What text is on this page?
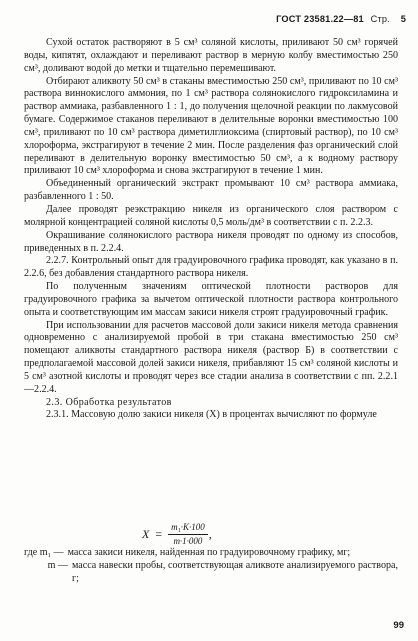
ГОСТ 23581.22—81 Стр. 5

Сухой остаток растворяют в 5 см³ соляной кислоты, приливают 50 см³ горячей воды, кипятят, охлаждают и переливают раствор в мерную колбу вместимостью 250 см³, доливают водой до метки и тщательно перемешивают.

Отбирают аликвоту 50 см³ в стаканы вместимостью 250 см³, приливают по 10 см³ раствора виннокислого аммония, по 1 см³ раствора солянокислого гидроксиламина и раствор аммиака, разбавленного 1 : 1, до получения щелочной реакции по лакмусовой бумаге. Содержимое стаканов переливают в делительные воронки вместимостью 100 см³, приливают по 10 см³ раствора диметилглиоксима (спиртовый раствор), по 10 см³ хлороформа, экстрагируют в течение 2 мин. После разделения фаз органический слой переливают в делительную воронку вместимостью 50 см³, а к водному раствору приливают 10 см³ хлороформа и снова экстрагируют в течение 1 мин.

Объединенный органический экстракт промывают 10 см³ раствора аммиака, разбавленного 1 : 50.

Далее проводят реэкстракцию никеля из органического слоя раствором с молярной концентрацией соляной кислоты 0,5 моль/дм³ в соответствии с п. 2.2.3.

Окрашивание солянокислого раствора никеля проводят по одному из способов, приведенных в п. 2.2.4.

2.2.7. Контрольный опыт для градуировочного графика проводят, как указано в п. 2.2.6, без добавления стандартного раствора никеля.

По полученным значениям оптической плотности растворов для градуировочного графика за вычетом оптической плотности раствора контрольного опыта и соответствующим им массам закиси никеля строят градуировочный график.

При использовании для расчетов массовой доли закиси никеля метода сравнения одновременно с анализируемой пробой в три стакана вместимостью 250 см³ помещают аликвоты стандартного раствора никеля (раствор Б) в соответствии с предполагаемой массовой долей закиси никеля, прибавляют 15 см³ соляной кислоты и 5 см³ азотной кислоты и проводят через все стадии анализа в соответствии с пп. 2.2.1—2.2.4.

2.3. Обработка результатов

2.3.1. Массовую долю закиси никеля (X) в процентах вычисляют по формуле

$X = \frac{\text{m₁·K·100}}{m\cdot 1\cdot 000}$ ,
где m₁ — масса закиси никеля, найденная по градуировочному графику, мг;
m — масса навески пробы, соответствующая аликвоте анализируемого раствора, г;
99
